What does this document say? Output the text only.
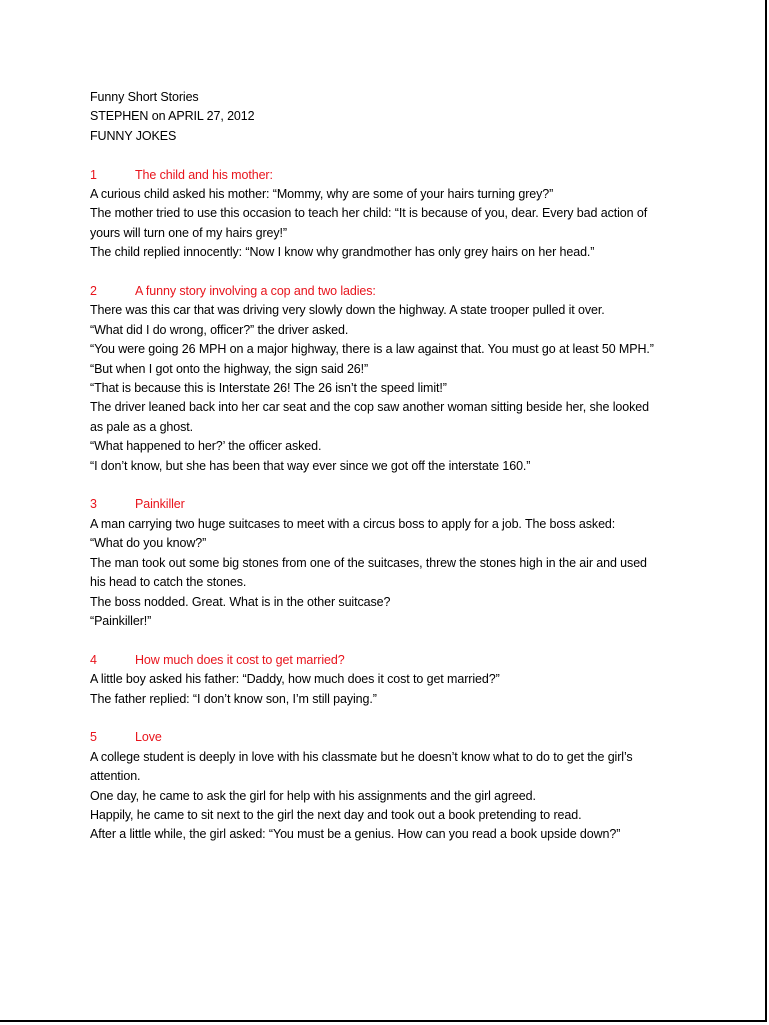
Funny Short Stories
STEPHEN on APRIL 27, 2012
FUNNY JOKES
1	The child and his mother:
A curious child asked his mother: “Mommy, why are some of your hairs turning grey?”
The mother tried to use this occasion to teach her child: “It is because of you, dear. Every bad action of
yours will turn one of my hairs grey!”
The child replied innocently: “Now I know why grandmother has only grey hairs on her head.”
2	A funny story involving a cop and two ladies:
There was this car that was driving very slowly down the highway. A state trooper pulled it over.
“What did I do wrong, officer?” the driver asked.
“You were going 26 MPH on a major highway, there is a law against that. You must go at least 50 MPH.”
“But when I got onto the highway, the sign said 26!”
“That is because this is Interstate 26! The 26 isn’t the speed limit!”
The driver leaned back into her car seat and the cop saw another woman sitting beside her, she looked
as pale as a ghost.
“What happened to her?’ the officer asked.
“I don’t know, but she has been that way ever since we got off the interstate 160.”
3	Painkiller
A man carrying two huge suitcases to meet with a circus boss to apply for a job. The boss asked:
“What do you know?”
The man took out some big stones from one of the suitcases, threw the stones high in the air and used
his head to catch the stones.
The boss nodded. Great. What is in the other suitcase?
“Painkiller!”
4	How much does it cost to get married?
A little boy asked his father: “Daddy, how much does it cost to get married?”
The father replied: “I don’t know son, I’m still paying.”
5	Love
A college student is deeply in love with his classmate but he doesn’t know what to do to get the girl’s
attention.
One day, he came to ask the girl for help with his assignments and the girl agreed.
Happily, he came to sit next to the girl the next day and took out a book pretending to read.
After a little while, the girl asked: “You must be a genius. How can you read a book upside down?”
